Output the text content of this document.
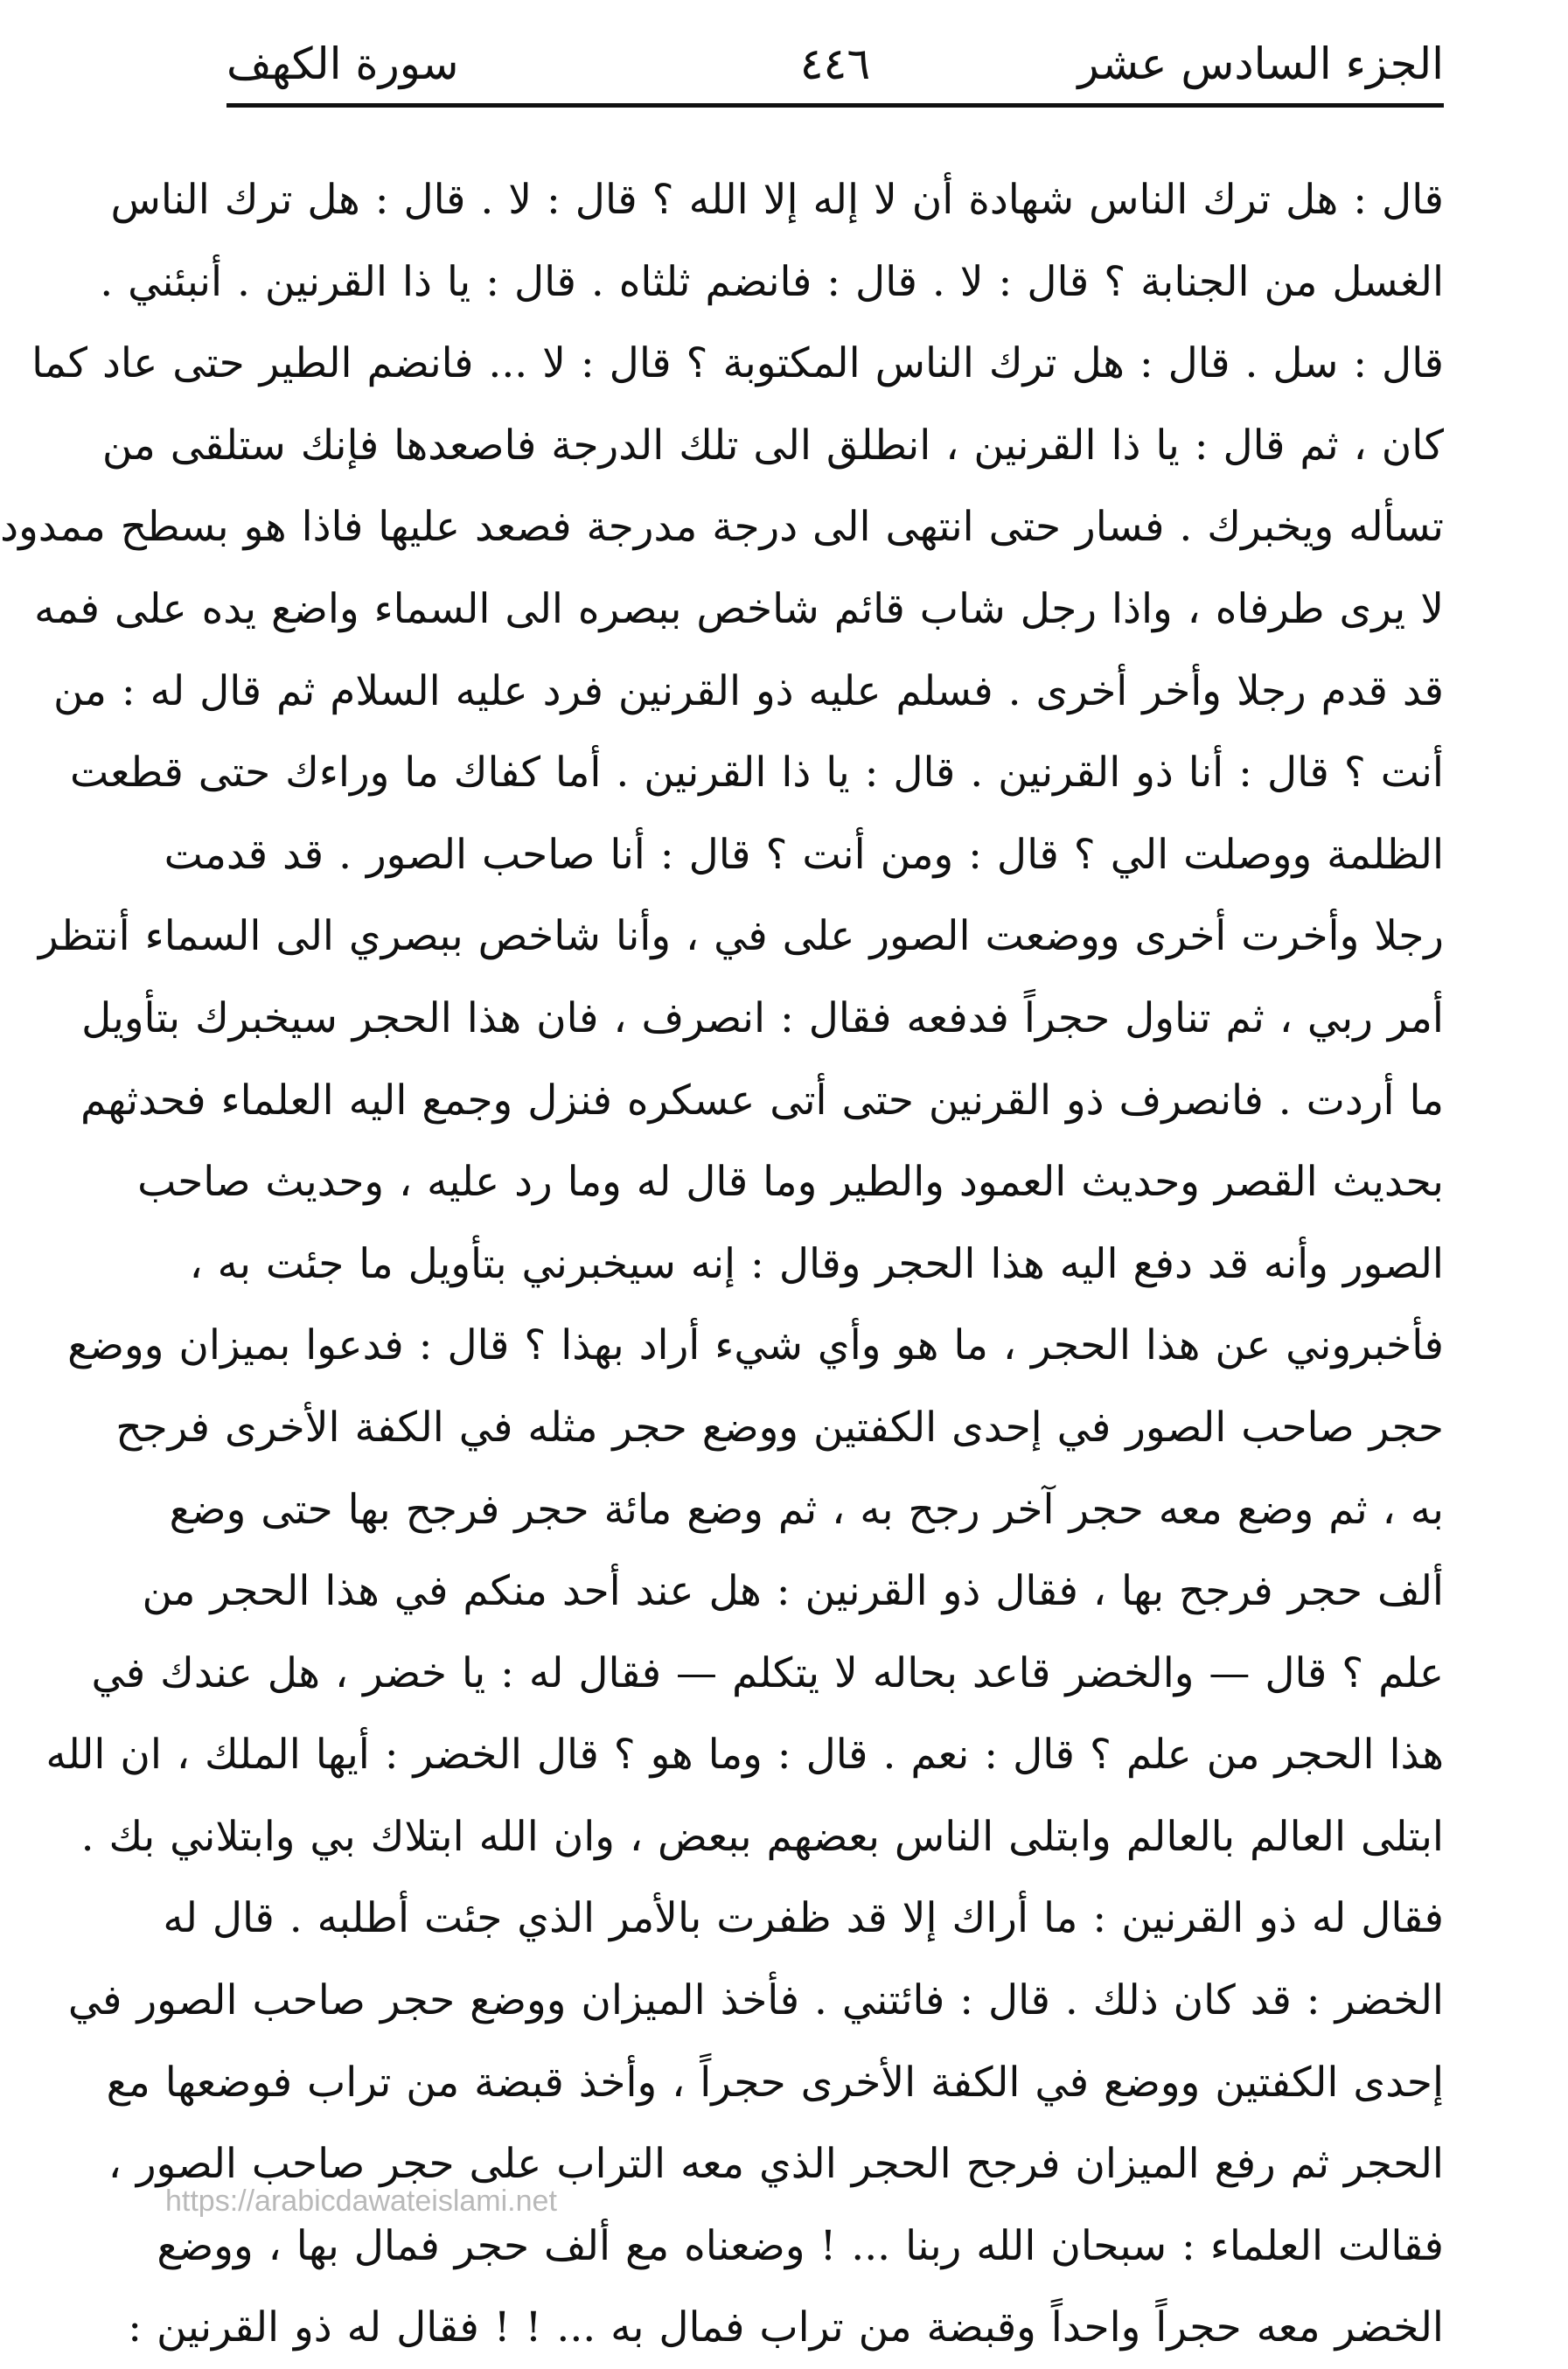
الجزء السادس عشر
٤٤٦
سورة الكهف
قال : هل ترك الناس شهادة أن لا إله إلا الله ؟ قال : لا . قال : هل ترك الناس
الغسل من الجنابة ؟ قال : لا . قال : فانضم ثلثاه . قال : يا ذا القرنين . أنبئني .
قال : سل . قال : هل ترك الناس المكتوبة ؟ قال : لا ... فانضم الطير حتى عاد كما
كان ، ثم قال : يا ذا القرنين ، انطلق الى تلك الدرجة فاصعدها فإنك ستلقى من
تسأله ويخبرك . فسار حتى انتهى الى درجة مدرجة فصعد عليها فاذا هو بسطح ممدود
لا يرى طرفاه ، واذا رجل شاب قائم شاخص ببصره الى السماء واضع يده على فمه
قد قدم رجلا وأخر أخرى . فسلم عليه ذو القرنين فرد عليه السلام ثم قال له : من
أنت ؟ قال : أنا ذو القرنين . قال : يا ذا القرنين . أما كفاك ما وراءك حتى قطعت
الظلمة ووصلت الي ؟ قال : ومن أنت ؟ قال : أنا صاحب الصور . قد قدمت
رجلا وأخرت أخرى ووضعت الصور على في ، وأنا شاخص ببصري الى السماء أنتظر
أمر ربي ، ثم تناول حجراً فدفعه فقال : انصرف ، فان هذا الحجر سيخبرك بتأويل
ما أردت . فانصرف ذو القرنين حتى أتى عسكره فنزل وجمع اليه العلماء فحدثهم
بحديث القصر وحديث العمود والطير وما قال له وما رد عليه ، وحديث صاحب
الصور وأنه قد دفع اليه هذا الحجر وقال : إنه سيخبرني بتأويل ما جئت به ،
فأخبروني عن هذا الحجر ، ما هو وأي شيء أراد بهذا ؟ قال : فدعوا بميزان ووضع
حجر صاحب الصور في إحدى الكفتين ووضع حجر مثله في الكفة الأخرى فرجح
به ، ثم وضع معه حجر آخر رجح به ، ثم وضع مائة حجر فرجح بها حتى وضع
ألف حجر فرجح بها ، فقال ذو القرنين : هل عند أحد منكم في هذا الحجر من
علم ؟ قال — والخضر قاعد بحاله لا يتكلم — فقال له : يا خضر ، هل عندك في
هذا الحجر من علم ؟ قال : نعم . قال : وما هو ؟ قال الخضر : أيها الملك ، ان الله
ابتلى العالم بالعالم وابتلى الناس بعضهم ببعض ، وان الله ابتلاك بي وابتلاني بك .
فقال له ذو القرنين : ما أراك إلا قد ظفرت بالأمر الذي جئت أطلبه . قال له
الخضر : قد كان ذلك . قال : فائتني . فأخذ الميزان ووضع حجر صاحب الصور في
إحدى الكفتين ووضع في الكفة الأخرى حجراً ، وأخذ قبضة من تراب فوضعها مع
الحجر ثم رفع الميزان فرجح الحجر الذي معه التراب على حجر صاحب الصور ،
فقالت العلماء : سبحان الله ربنا ... ! وضعناه مع ألف حجر فمال بها ، ووضع
الخضر معه حجراً واحداً وقبضة من تراب فمال به ... ! ! فقال له ذو القرنين :
https://arabicdawateislami.net
